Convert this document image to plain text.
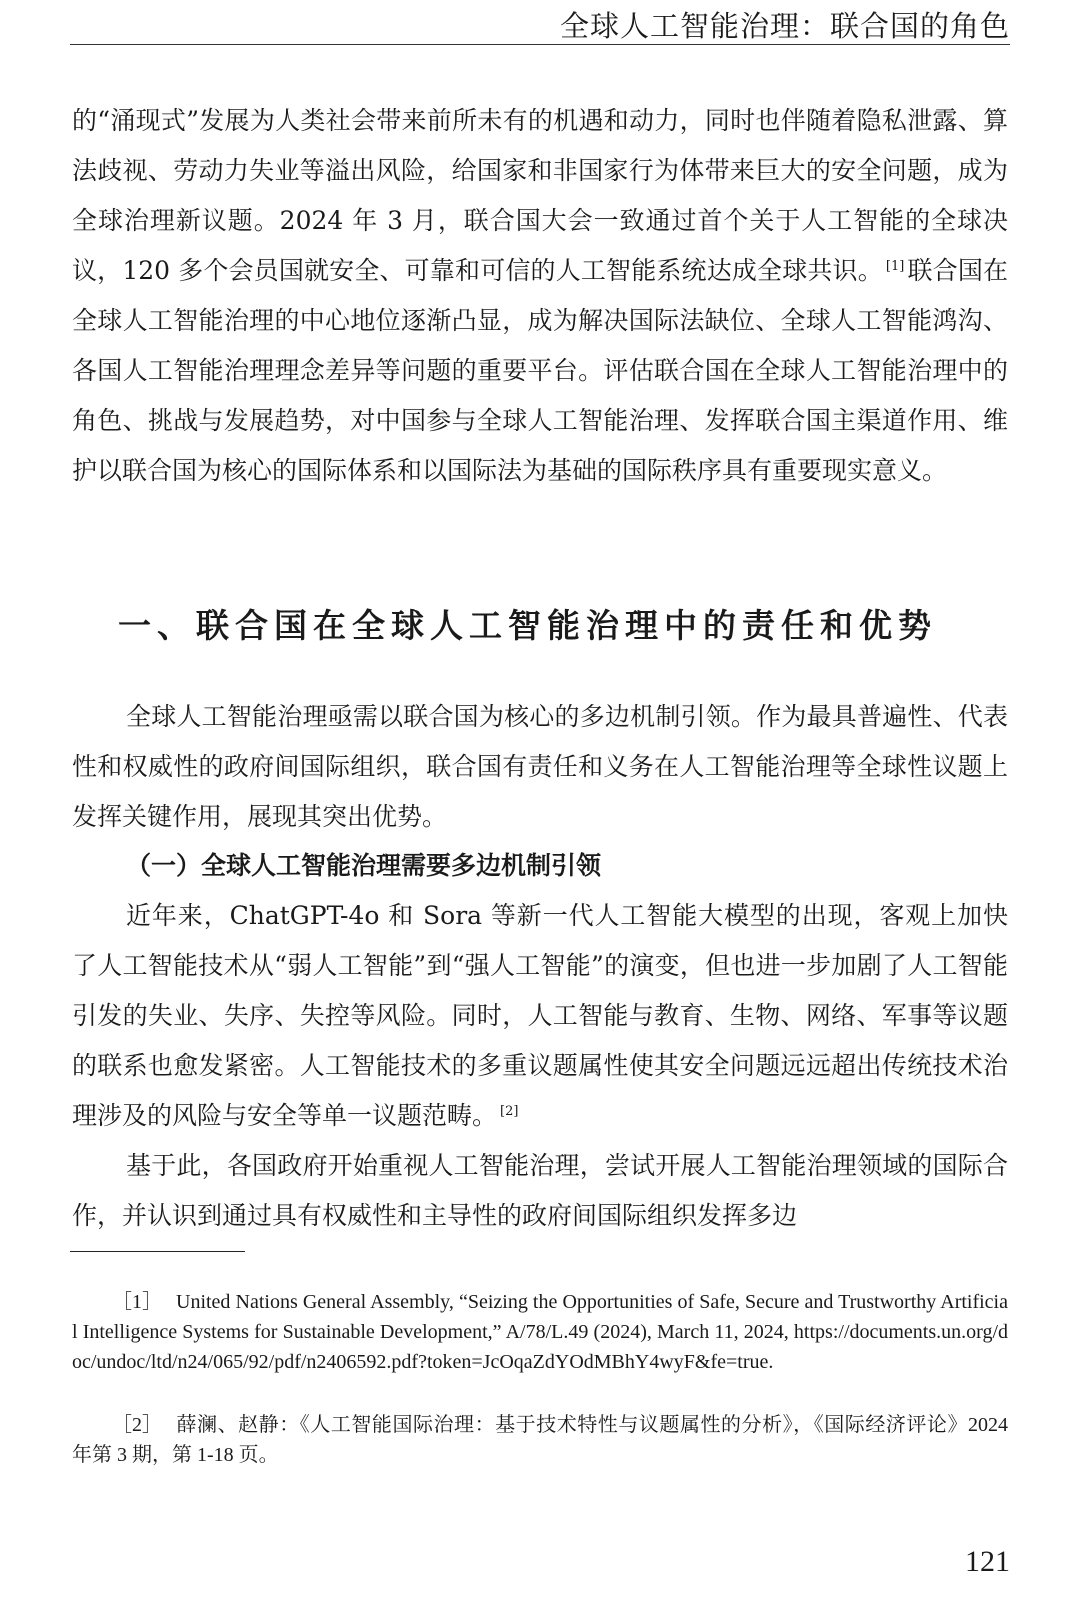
全球人工智能治理：联合国的角色

的“涌现式”发展为人类社会带来前所未有的机遇和动力，同时也伴随着隐私泄露、算法歧视、劳动力失业等溢出风险，给国家和非国家行为体带来巨大的安全问题，成为全球治理新议题。2024 年 3 月，联合国大会一致通过首个关于人工智能的全球决议，120 多个会员国就安全、可靠和可信的人工智能系统达成全球共识。 [1] 联合国在全球人工智能治理的中心地位逐渐凸显，成为解决国际法缺位、全球人工智能鸿沟、各国人工智能治理理念差异等问题的重要平台。评估联合国在全球人工智能治理中的角色、挑战与发展趋势，对中国参与全球人工智能治理、发挥联合国主渠道作用、维护以联合国为核心的国际体系和以国际法为基础的国际秩序具有重要现实意义。

一、联合国在全球人工智能治理中的责任和优势

全球人工智能治理亟需以联合国为核心的多边机制引领。作为最具普遍性、代表性和权威性的政府间国际组织，联合国有责任和义务在人工智能治理等全球性议题上发挥关键作用，展现其突出优势。

（一）全球人工智能治理需要多边机制引领

近年来，ChatGPT-4o 和 Sora 等新一代人工智能大模型的出现，客观上加快了人工智能技术从“弱人工智能”到“强人工智能”的演变，但也进一步加剧了人工智能引发的失业、失序、失控等风险。同时，人工智能与教育、生物、网络、军事等议题的联系也愈发紧密。人工智能技术的多重议题属性使其安全问题远远超出传统技术治理涉及的风险与安全等单一议题范畴。 [2]

基于此，各国政府开始重视人工智能治理，尝试开展人工智能治理领域的国际合作，并认识到通过具有权威性和主导性的政府间国际组织发挥多边

［1］ United Nations General Assembly, “Seizing the Opportunities of Safe, Secure and Trustworthy Artificial Intelligence Systems for Sustainable Development,” A/78/L.49 (2024), March 11, 2024, https://documents.un.org/doc/undoc/ltd/n24/065/92/pdf/n2406592.pdf?token=JcOqaZdYOdMBhY4wyF&fe=true.

［2］ 薛澜、赵静：《人工智能国际治理：基于技术特性与议题属性的分析》，《国际经济评论》2024 年第 3 期，第 1-18 页。

121
